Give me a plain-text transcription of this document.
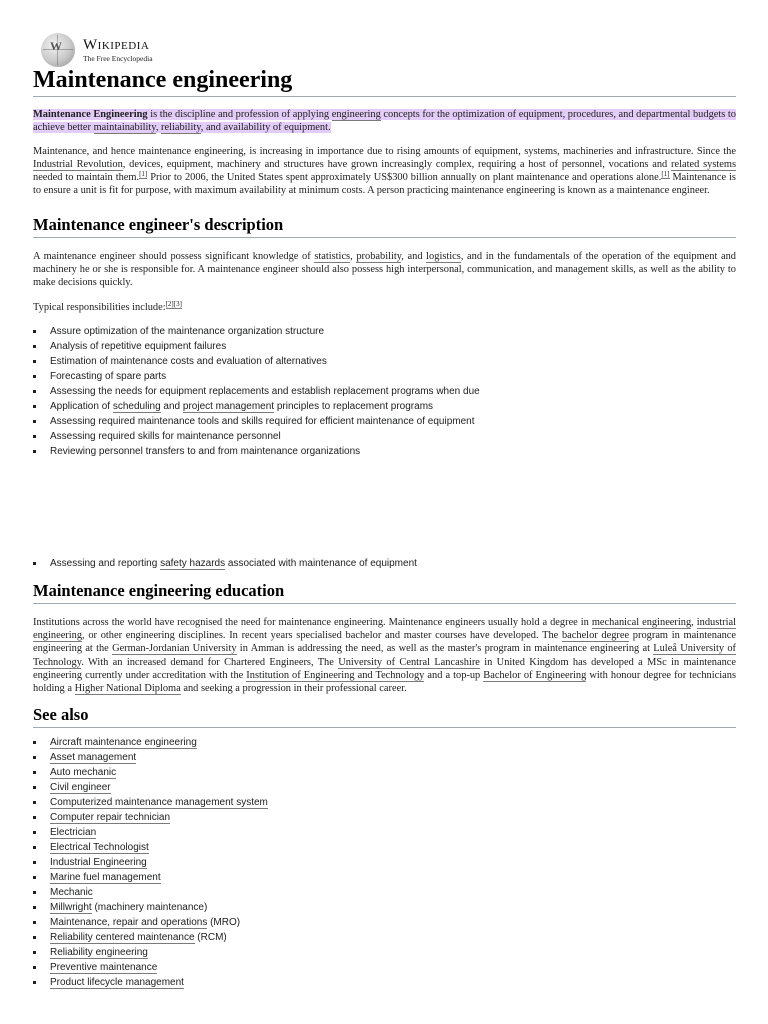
W Wikipedia
The Free Encyclopedia
Maintenance engineering

Maintenance Engineering is the discipline and profession of applying engineering concepts for the optimization of equipment, procedures, and departmental budgets to achieve better maintainability, reliability, and availability of equipment.

Maintenance, and hence maintenance engineering, is increasing in importance due to rising amounts of equipment, systems, machineries and infrastructure. Since the Industrial Revolution, devices, equipment, machinery and structures have grown increasingly complex, requiring a host of personnel, vocations and related systems needed to maintain them.[1] Prior to 2006, the United States spent approximately US$300 billion annually on plant maintenance and operations alone.[1] Maintenance is to ensure a unit is fit for purpose, with maximum availability at minimum costs. A person practicing maintenance engineering is known as a maintenance engineer.

Maintenance engineer's description

A maintenance engineer should possess significant knowledge of statistics, probability, and logistics, and in the fundamentals of the operation of the equipment and machinery he or she is responsible for. A maintenance engineer should also possess high interpersonal, communication, and management skills, as well as the ability to make decisions quickly.

Typical responsibilities include:[2][3]

Assure optimization of the maintenance organization structure
Analysis of repetitive equipment failures
Estimation of maintenance costs and evaluation of alternatives
Forecasting of spare parts
Assessing the needs for equipment replacements and establish replacement programs when due
Application of scheduling and project management principles to replacement programs
Assessing required maintenance tools and skills required for efficient maintenance of equipment
Assessing required skills for maintenance personnel
Reviewing personnel transfers to and from maintenance organizations
Assessing and reporting safety hazards associated with maintenance of equipment
Maintenance engineering education

Institutions across the world have recognised the need for maintenance engineering. Maintenance engineers usually hold a degree in mechanical engineering, industrial engineering, or other engineering disciplines. In recent years specialised bachelor and master courses have developed. The bachelor degree program in maintenance engineering at the German-Jordanian University in Amman is addressing the need, as well as the master's program in maintenance engineering at Luleå University of Technology. With an increased demand for Chartered Engineers, The University of Central Lancashire in United Kingdom has developed a MSc in maintenance engineering currently under accreditation with the Institution of Engineering and Technology and a top-up Bachelor of Engineering with honour degree for technicians holding a Higher National Diploma and seeking a progression in their professional career.

See also
Aircraft maintenance engineering
Asset management
Auto mechanic
Civil engineer
Computerized maintenance management system
Computer repair technician
Electrician
Electrical Technologist
Industrial Engineering
Marine fuel management
Mechanic
Millwright (machinery maintenance)
Maintenance, repair and operations (MRO)
Reliability centered maintenance (RCM)
Reliability engineering
Preventive maintenance
Product lifecycle management
